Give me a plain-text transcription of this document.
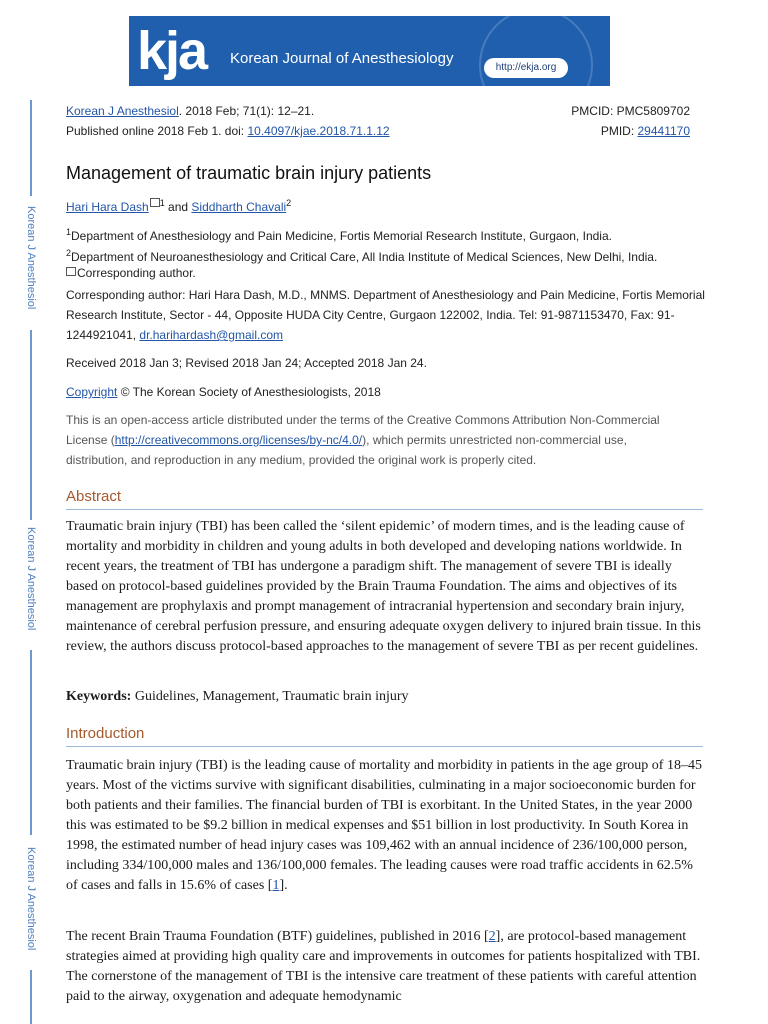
kja Korean Journal of Anesthesiology
http://ekja.org
Korean J Anesthesiol
Korean J Anesthesiol
Korean J Anesthesiol
Korean J Anesthesiol. 2018 Feb; 71(1): 12–21.
Published online 2018 Feb 1. doi: 10.4097/kjae.2018.71.1.12
PMCID: PMC5809702
PMID: 29441170
Management of traumatic brain injury patients
Hari Hara Dash $^1$ and Siddharth Chavali$^2$
$^1$Department of Anesthesiology and Pain Medicine, Fortis Memorial Research Institute, Gurgaon, India.
$^2$Department of Neuroanesthesiology and Critical Care, All India Institute of Medical Sciences, New Delhi, India.
Corresponding author.
Corresponding author: Hari Hara Dash, M.D., MNMS. Department of Anesthesiology and Pain Medicine, Fortis Memorial Research Institute, Sector - 44, Opposite HUDA City Centre, Gurgaon 122002, India. Tel: 91-9871153470, Fax: 91-1244921041, dr.harihardash@gmail.com
Received 2018 Jan 3; Revised 2018 Jan 24; Accepted 2018 Jan 24.
Copyright © The Korean Society of Anesthesiologists, 2018
This is an open-access article distributed under the terms of the Creative Commons Attribution Non-Commercial License (http://creativecommons.org/licenses/by-nc/4.0/), which permits unrestricted non-commercial use, distribution, and reproduction in any medium, provided the original work is properly cited.
Abstract
Traumatic brain injury (TBI) has been called the ‘silent epidemic’ of modern times, and is the leading cause of mortality and morbidity in children and young adults in both developed and developing nations worldwide. In recent years, the treatment of TBI has undergone a paradigm shift. The management of severe TBI is ideally based on protocol-based guidelines provided by the Brain Trauma Foundation. The aims and objectives of its management are prophylaxis and prompt management of intracranial hypertension and secondary brain injury, maintenance of cerebral perfusion pressure, and ensuring adequate oxygen delivery to injured brain tissue. In this review, the authors discuss protocol-based approaches to the management of severe TBI as per recent guidelines.
Keywords: Guidelines, Management, Traumatic brain injury
Introduction
Traumatic brain injury (TBI) is the leading cause of mortality and morbidity in patients in the age group of 18–45 years. Most of the victims survive with significant disabilities, culminating in a major socioeconomic burden for both patients and their families. The financial burden of TBI is exorbitant. In the United States, in the year 2000 this was estimated to be $9.2 billion in medical expenses and $51 billion in lost productivity. In South Korea in 1998, the estimated number of head injury cases was 109,462 with an annual incidence of 236/100,000 person, including 334/100,000 males and 136/100,000 females. The leading causes were road traffic accidents in 62.5% of cases and falls in 15.6% of cases [1].
The recent Brain Trauma Foundation (BTF) guidelines, published in 2016 [2], are protocol-based management strategies aimed at providing high quality care and improvements in outcomes for patients hospitalized with TBI. The cornerstone of the management of TBI is the intensive care treatment of these patients with careful attention paid to the airway, oxygenation and adequate hemodynamic
